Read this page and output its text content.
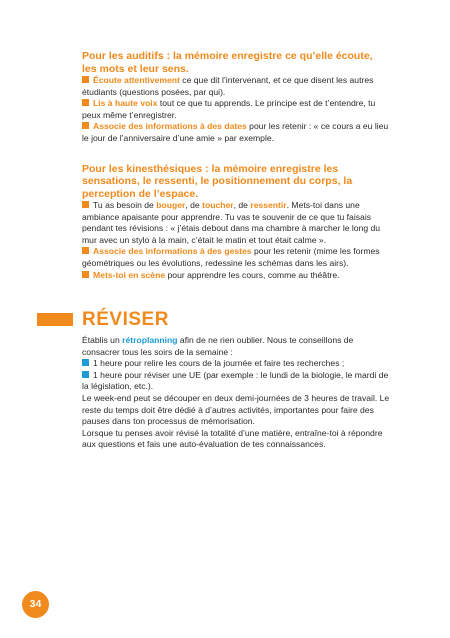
Pour les auditifs : la mémoire enregistre ce qu’elle écoute, les mots et leur sens.

Écoute attentivement ce que dit l’intervenant, et ce que disent les autres étudiants (questions posées, par qui).

Lis à haute voix tout ce que tu apprends. Le principe est de t’entendre, tu peux même t’enregistrer.

Associe des informations à des dates pour les retenir : « ce cours a eu lieu le jour de l’anniversaire d’une amie » par exemple.

Pour les kinesthésiques : la mémoire enregistre les sensations, le ressenti, le positionnement du corps, la perception de l’espace.

Tu as besoin de bouger, de toucher, de ressentir. Mets-toi dans une ambiance apaisante pour apprendre. Tu vas te souvenir de ce que tu faisais pendant tes révisions : « j’étais debout dans ma chambre à marcher le long du mur avec un stylo à la main, c’était le matin et tout était calme ».

Associe des informations à des gestes pour les retenir (mime les formes géométriques ou les évolutions, redessine les schémas dans les airs).

Mets-toi en scène pour apprendre les cours, comme au théâtre.

RÉVISER

Établis un rétroplanning afin de ne rien oublier. Nous te conseillons de consacrer tous les soirs de la semaine :

1 heure pour relire les cours de la journée et faire tes recherches ;

1 heure pour réviser une UE (par exemple : le lundi de la biologie, le mardi de la législation, etc.).

Le week-end peut se découper en deux demi-journées de 3 heures de travail. Le reste du temps doit être dédié à d’autres activités, importantes pour faire des pauses dans ton processus de mémorisation.

Lorsque tu penses avoir révisé la totalité d’une matière, entraîne-toi à répondre aux questions et fais une auto-évaluation de tes connaissances.

34
